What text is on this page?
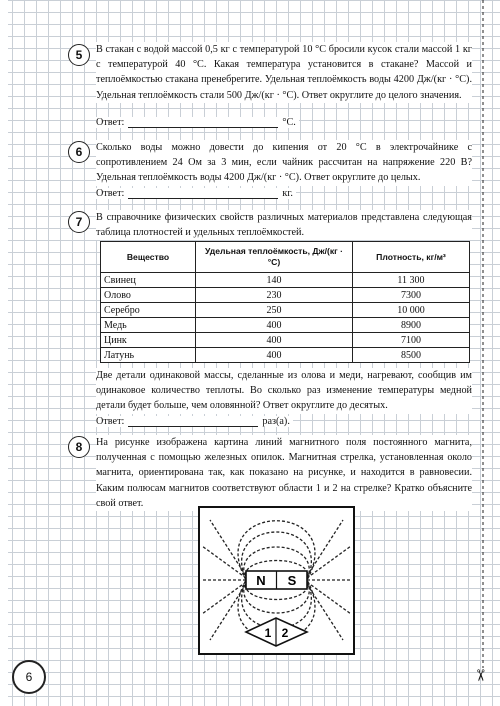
5	В стакан с водой массой 0,5 кг с температурой 10 °C бросили кусок стали массой 1 кг с температурой 40 °C. Какая температура установится в стакане? Массой и теплоёмкостью стакана пренебрегите. Удельная теплоёмкость воды 4200 Дж/(кг · °C). Удельная теплоёмкость стали 500 Дж/(кг · °C). Ответ округлите до целого значения.
Ответ:	°C.
6	Сколько воды можно довести до кипения от 20 °C в электрочайнике с сопротивлением 24 Ом за 3 мин, если чайник рассчитан на напряжение 220 В? Удельная теплоёмкость воды 4200 Дж/(кг · °C). Ответ округлите до целых.
Ответ:	кг.
7	В справочнике физических свойств различных материалов представлена следующая таблица плотностей и удельных теплоёмкостей.
Вещество	Удельная теплоёмкость, Дж/(кг · °C)	Плотность, кг/м³
Свинец	140	11 300
Олово	230	7300
Серебро	250	10 000
Медь	400	8900
Цинк	400	7100
Латунь	400	8500
Две детали одинаковой массы, сделанные из олова и меди, нагревают, сообщив им одинаковое количество теплоты. Во сколько раз изменение температуры медной детали будет больше, чем оловянной? Ответ округлите до десятых.
Ответ:	раз(а).
8	На рисунке изображена картина линий магнитного поля постоянного магнита, полученная с помощью железных опилок. Магнитная стрелка, установленная около магнита, ориентирована так, как показано на рисунке, и находится в равновесии. Каким полюсам магнитов соответствуют области 1 и 2 на стрелке? Кратко объясните свой ответ.
N S
1 2
6	✂
